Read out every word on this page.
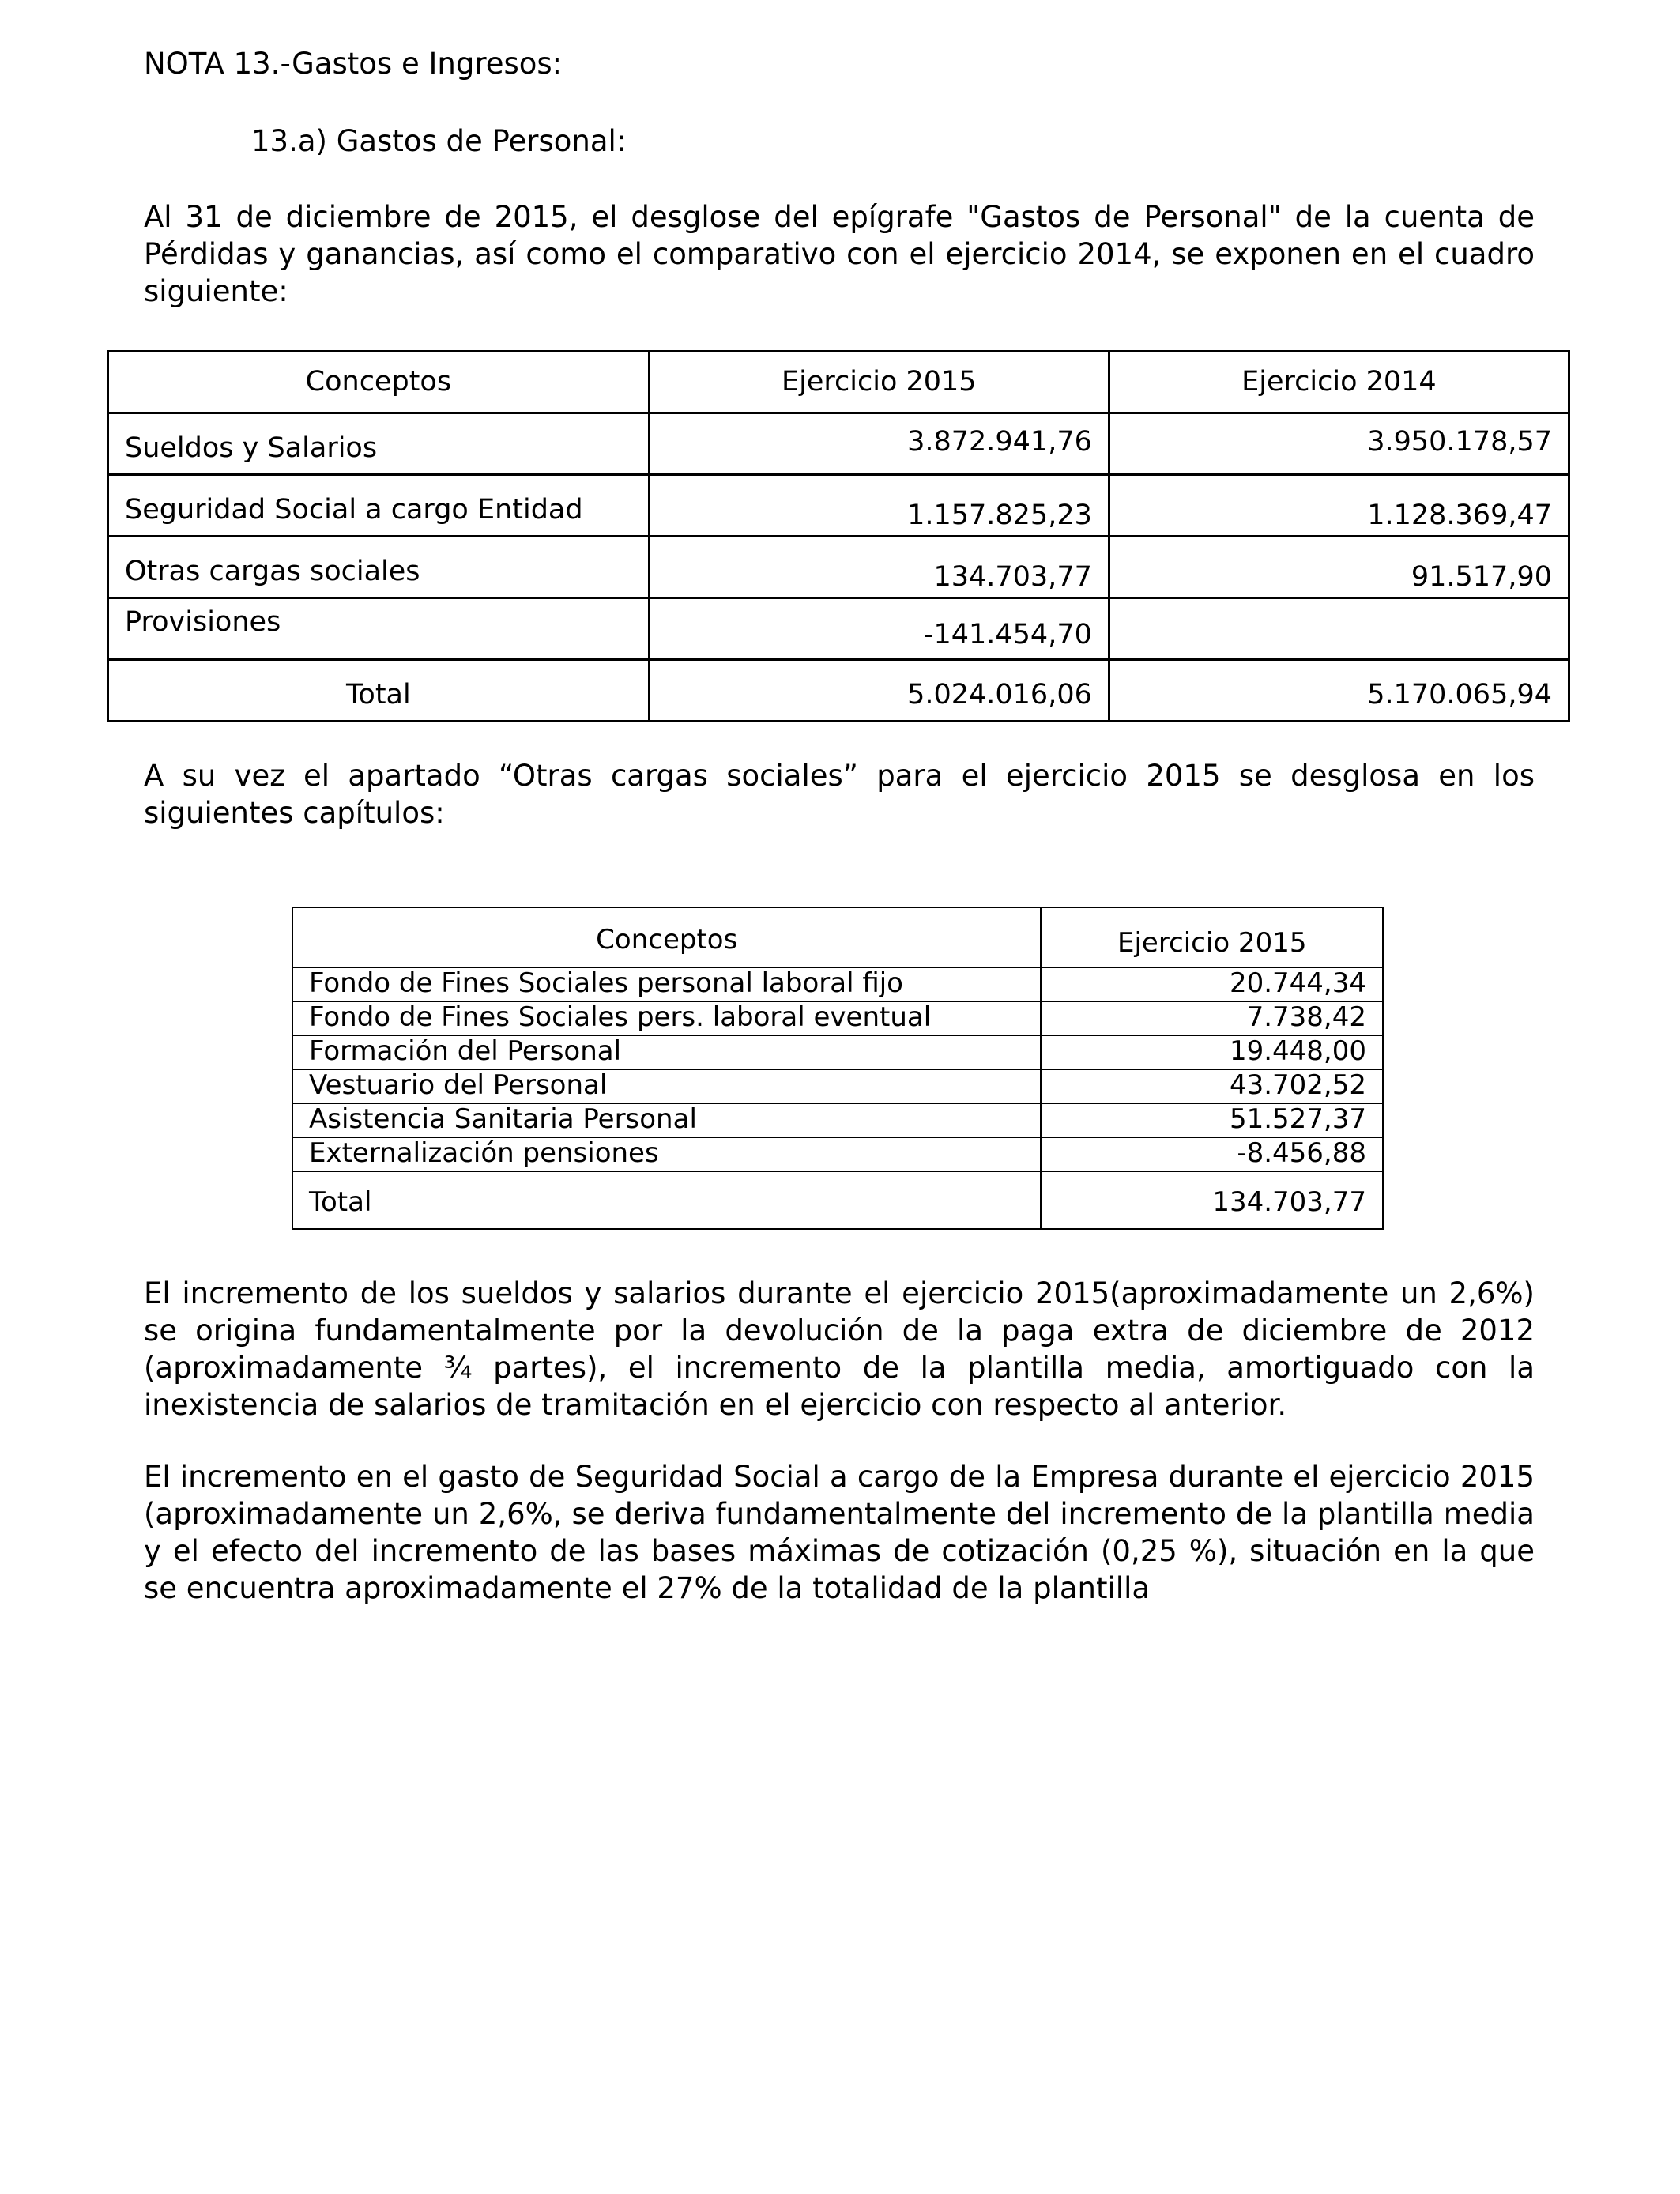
NOTA 13.-Gastos e Ingresos:
13.a) Gastos de Personal:
Al 31 de diciembre de 2015, el desglose del epígrafe "Gastos de Personal" de la cuenta de Pérdidas y ganancias, así como el comparativo con el ejercicio 2014, se exponen en el cuadro siguiente:
Conceptos	Ejercicio 2015	Ejercicio 2014
Sueldos y Salarios	3.872.941,76	3.950.178,57
Seguridad Social a cargo Entidad	1.157.825,23	1.128.369,47
Otras cargas sociales	134.703,77	91.517,90
Provisiones	-141.454,70	
Total	5.024.016,06	5.170.065,94
A su vez el apartado “Otras cargas sociales” para el ejercicio 2015 se desglosa en los siguientes capítulos:
Conceptos	Ejercicio 2015
Fondo de Fines Sociales personal laboral fijo	20.744,34
Fondo de Fines Sociales pers. laboral eventual	7.738,42
Formación del Personal	19.448,00
Vestuario del Personal	43.702,52
Asistencia Sanitaria Personal	51.527,37
Externalización pensiones	-8.456,88
Total	134.703,77
El incremento de los sueldos y salarios durante el ejercicio 2015(aproximadamente un 2,6%) se origina fundamentalmente por la devolución de la paga extra de diciembre de 2012 (aproximadamente ¾ partes), el incremento de la plantilla media, amortiguado con la inexistencia de salarios de tramitación en el ejercicio con respecto al anterior.
El incremento en el gasto de Seguridad Social a cargo de la Empresa durante el ejercicio 2015 (aproximadamente un 2,6%, se deriva fundamentalmente del incremento de la plantilla media y el efecto del incremento de las bases máximas de cotización (0,25 %), situación en la que se encuentra aproximadamente el 27% de la totalidad de la plantilla
